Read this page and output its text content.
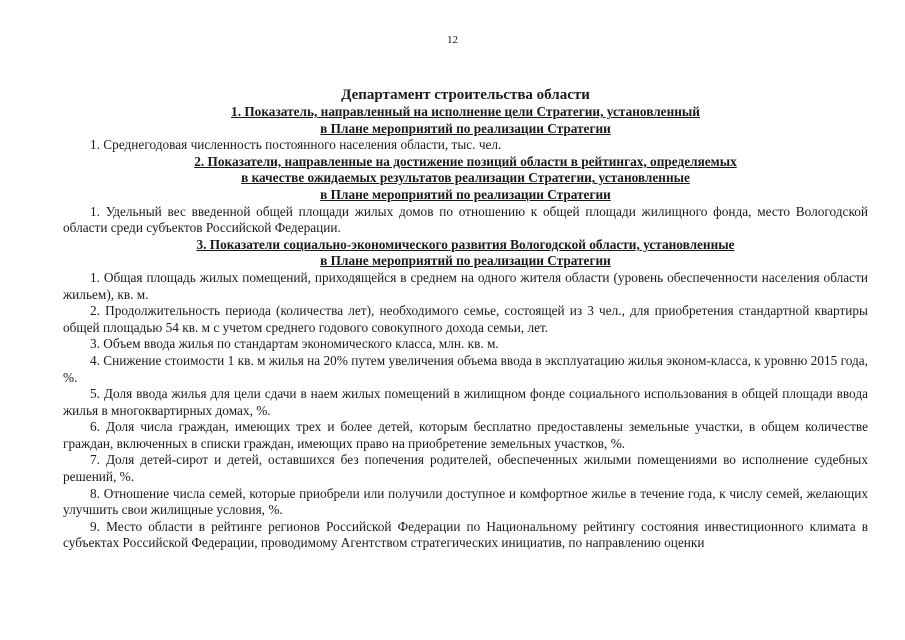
12
Департамент строительства области
1. Показатель, направленный на исполнение цели Стратегии, установленный
в Плане мероприятий по реализации Стратегии

1. Среднегодовая численность постоянного населения области, тыс. чел.

2. Показатели, направленные на достижение позиций области в рейтингах, определяемых
в качестве ожидаемых результатов реализации Стратегии, установленные
в Плане мероприятий по реализации Стратегии

1. Удельный вес введенной общей площади жилых домов по отношению к общей площади жилищного фонда, место Вологодской области среди субъектов Российской Федерации.

3. Показатели социально-экономического развития Вологодской области, установленные
в Плане мероприятий по реализации Стратегии

1. Общая площадь жилых помещений, приходящейся в среднем на одного жителя области (уровень обеспеченности населения области жильем), кв. м.

2. Продолжительность периода (количества лет), необходимого семье, состоящей из 3 чел., для приобретения стандартной квартиры общей площадью 54 кв. м с учетом среднего годового совокупного дохода семьи, лет.

3. Объем ввода жилья по стандартам экономического класса, млн. кв. м.

4. Снижение стоимости 1 кв. м жилья на 20% путем увеличения объема ввода в эксплуатацию жилья эконом-класса, к уровню 2015 года, %.

5. Доля ввода жилья для цели сдачи в наем жилых помещений в жилищном фонде социального использования в общей площади ввода жилья в многоквартирных домах, %.

6. Доля числа граждан, имеющих трех и более детей, которым бесплатно предоставлены земельные участки, в общем количестве граждан, включенных в списки граждан, имеющих право на приобретение земельных участков, %.

7. Доля детей-сирот и детей, оставшихся без попечения родителей, обеспеченных жилыми помещениями во исполнение судебных решений, %.

8. Отношение числа семей, которые приобрели или получили доступное и комфортное жилье в течение года, к числу семей, желающих улучшить свои жилищные условия, %.

9. Место области в рейтинге регионов Российской Федерации по Национальному рейтингу состояния инвестиционного климата в субъектах Российской Федерации, проводимому Агентством стратегических инициатив, по направлению оценки
